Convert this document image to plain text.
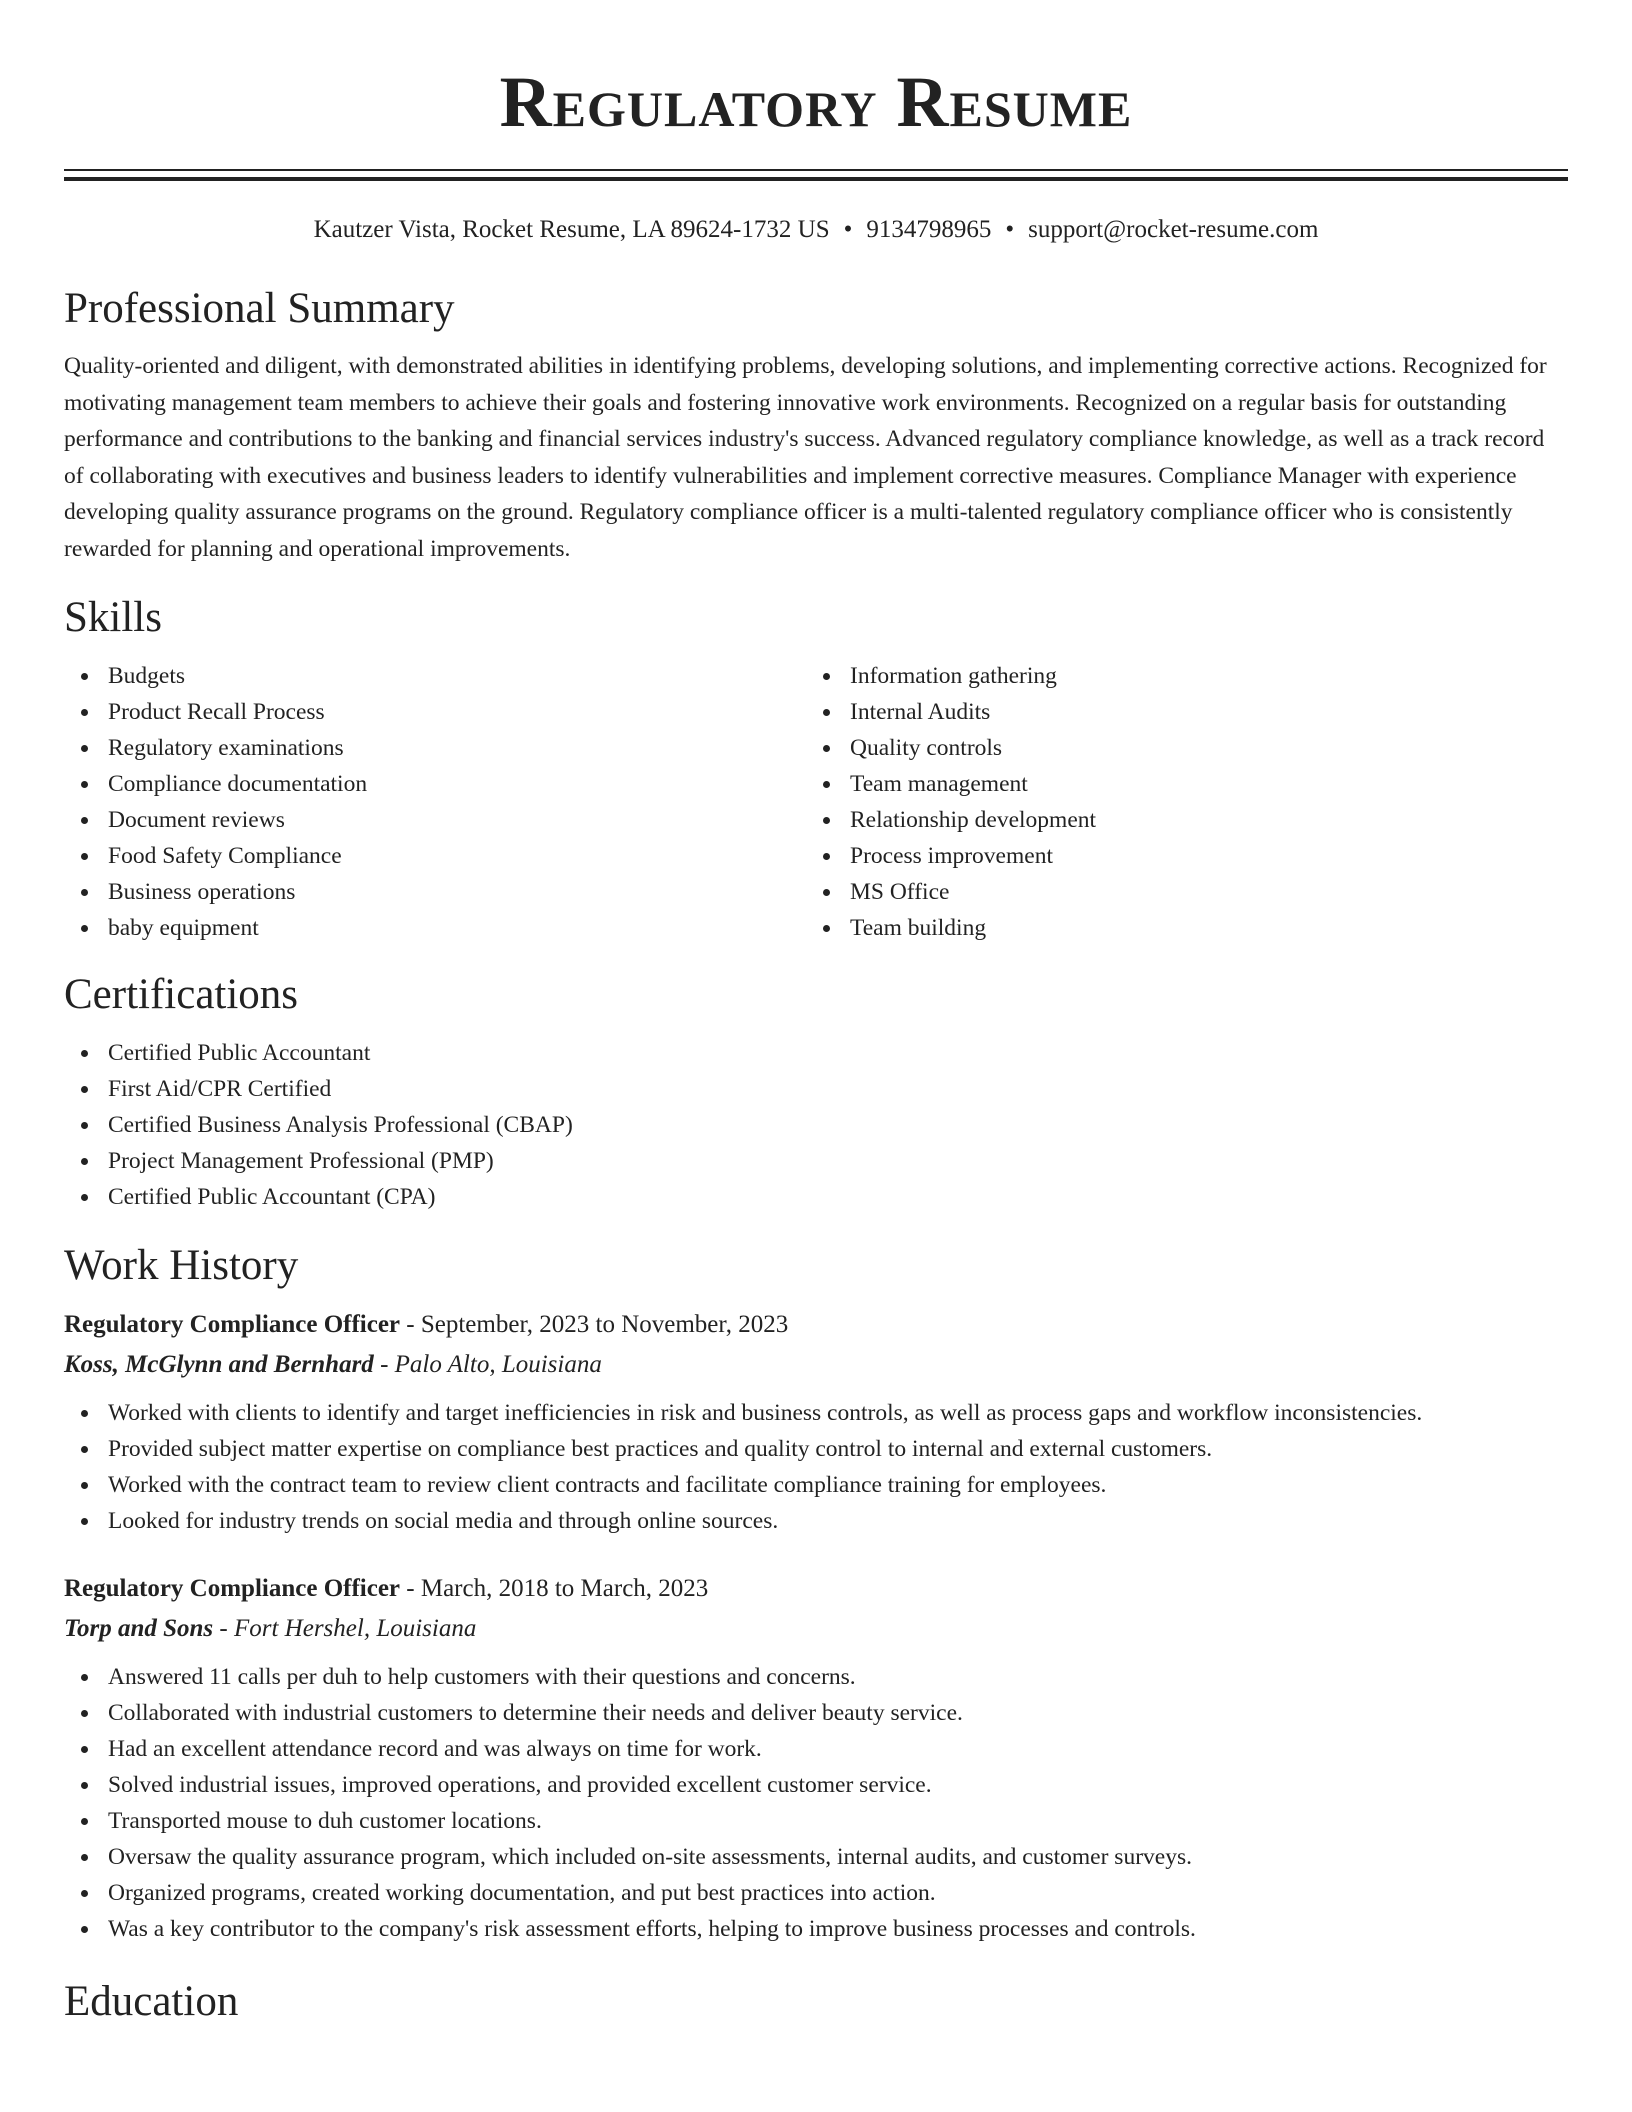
Regulatory Resume
Kautzer Vista, Rocket Resume, LA 89624-1732 US • 9134798965 • support@rocket-resume.com
Professional Summary

Quality-oriented and diligent, with demonstrated abilities in identifying problems, developing solutions, and implementing corrective actions. Recognized for motivating management team members to achieve their goals and fostering innovative work environments. Recognized on a regular basis for outstanding performance and contributions to the banking and financial services industry's success. Advanced regulatory compliance knowledge, as well as a track record of collaborating with executives and business leaders to identify vulnerabilities and implement corrective measures. Compliance Manager with experience developing quality assurance programs on the ground. Regulatory compliance officer is a multi-talented regulatory compliance officer who is consistently rewarded for planning and operational improvements.

Skills
Budgets
Product Recall Process
Regulatory examinations
Compliance documentation
Document reviews
Food Safety Compliance
Business operations
baby equipment
Information gathering
Internal Audits
Quality controls
Team management
Relationship development
Process improvement
MS Office
Team building
Certifications
Certified Public Accountant
First Aid/CPR Certified
Certified Business Analysis Professional (CBAP)
Project Management Professional (PMP)
Certified Public Accountant (CPA)
Work History
Regulatory Compliance Officer - September, 2023 to November, 2023
Koss, McGlynn and Bernhard - Palo Alto, Louisiana
Worked with clients to identify and target inefficiencies in risk and business controls, as well as process gaps and workflow inconsistencies.
Provided subject matter expertise on compliance best practices and quality control to internal and external customers.
Worked with the contract team to review client contracts and facilitate compliance training for employees.
Looked for industry trends on social media and through online sources.
Regulatory Compliance Officer - March, 2018 to March, 2023
Torp and Sons - Fort Hershel, Louisiana
Answered 11 calls per duh to help customers with their questions and concerns.
Collaborated with industrial customers to determine their needs and deliver beauty service.
Had an excellent attendance record and was always on time for work.
Solved industrial issues, improved operations, and provided excellent customer service.
Transported mouse to duh customer locations.
Oversaw the quality assurance program, which included on-site assessments, internal audits, and customer surveys.
Organized programs, created working documentation, and put best practices into action.
Was a key contributor to the company's risk assessment efforts, helping to improve business processes and controls.
Education
